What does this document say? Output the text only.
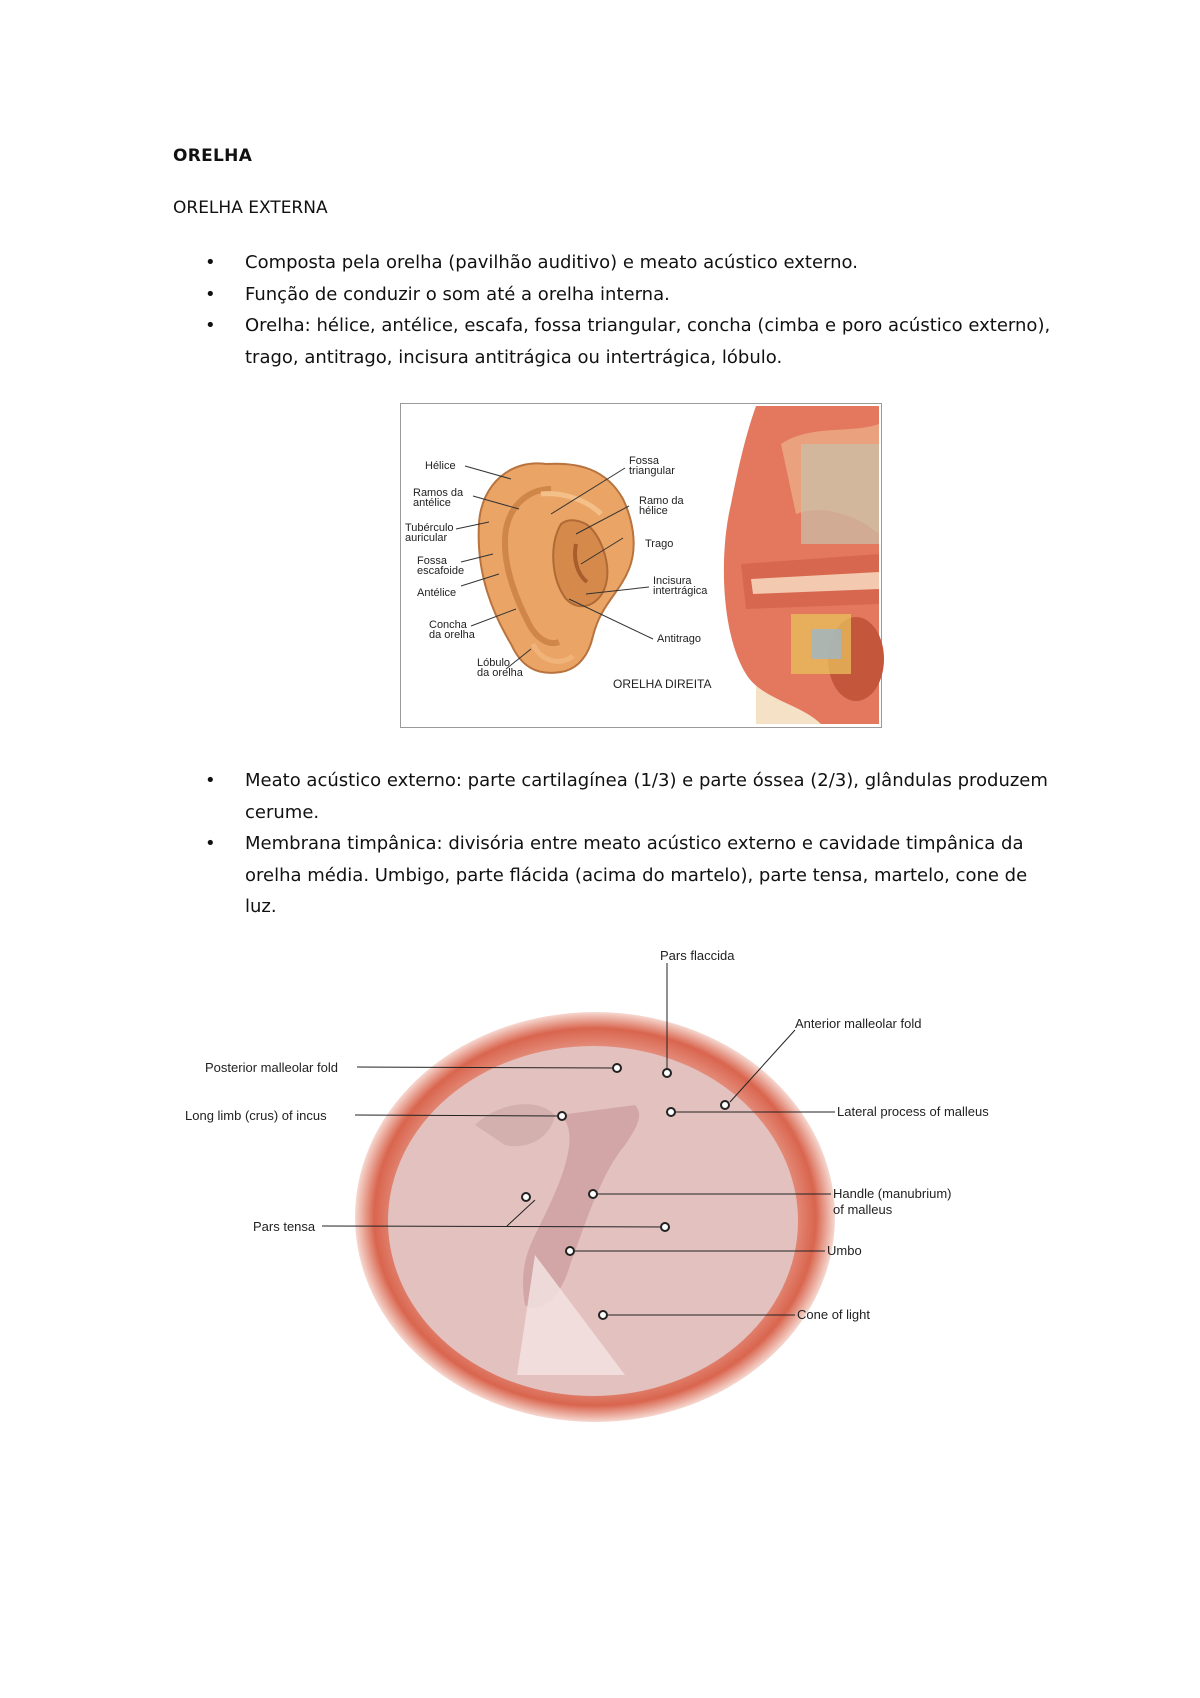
ORELHA
ORELHA EXTERNA
• Composta pela orelha (pavilhão auditivo) e meato acústico externo.
• Função de conduzir o som até a orelha interna.
• Orelha: hélice, antélice, escafa, fossa triangular, concha (cimba e poro acústico externo), trago, antitrago, incisura antitrágica ou intertrágica, lóbulo.
Hélice
Ramos da
antélice
Tubérculo
auricular
Fossa
escafoide
Antélice
Concha
da orelha
Lóbulo
da orelha
Fossa
triangular
Ramo da
hélice
Trago
Incisura
intertrágica
Antitrago
ORELHA DIREITA
• Meato acústico externo: parte cartilagínea (1/3) e parte óssea (2/3), glândulas produzem cerume.
• Membrana timpânica: divisória entre meato acústico externo e cavidade timpânica da orelha média. Umbigo, parte flácida (acima do martelo), parte tensa, martelo, cone de luz.
Pars flaccida
Anterior malleolar fold
Posterior malleolar fold
Long limb (crus) of incus	Lateral process of malleus
Handle (manubrium)
of malleus
Pars tensa
Umbo
Cone of light
